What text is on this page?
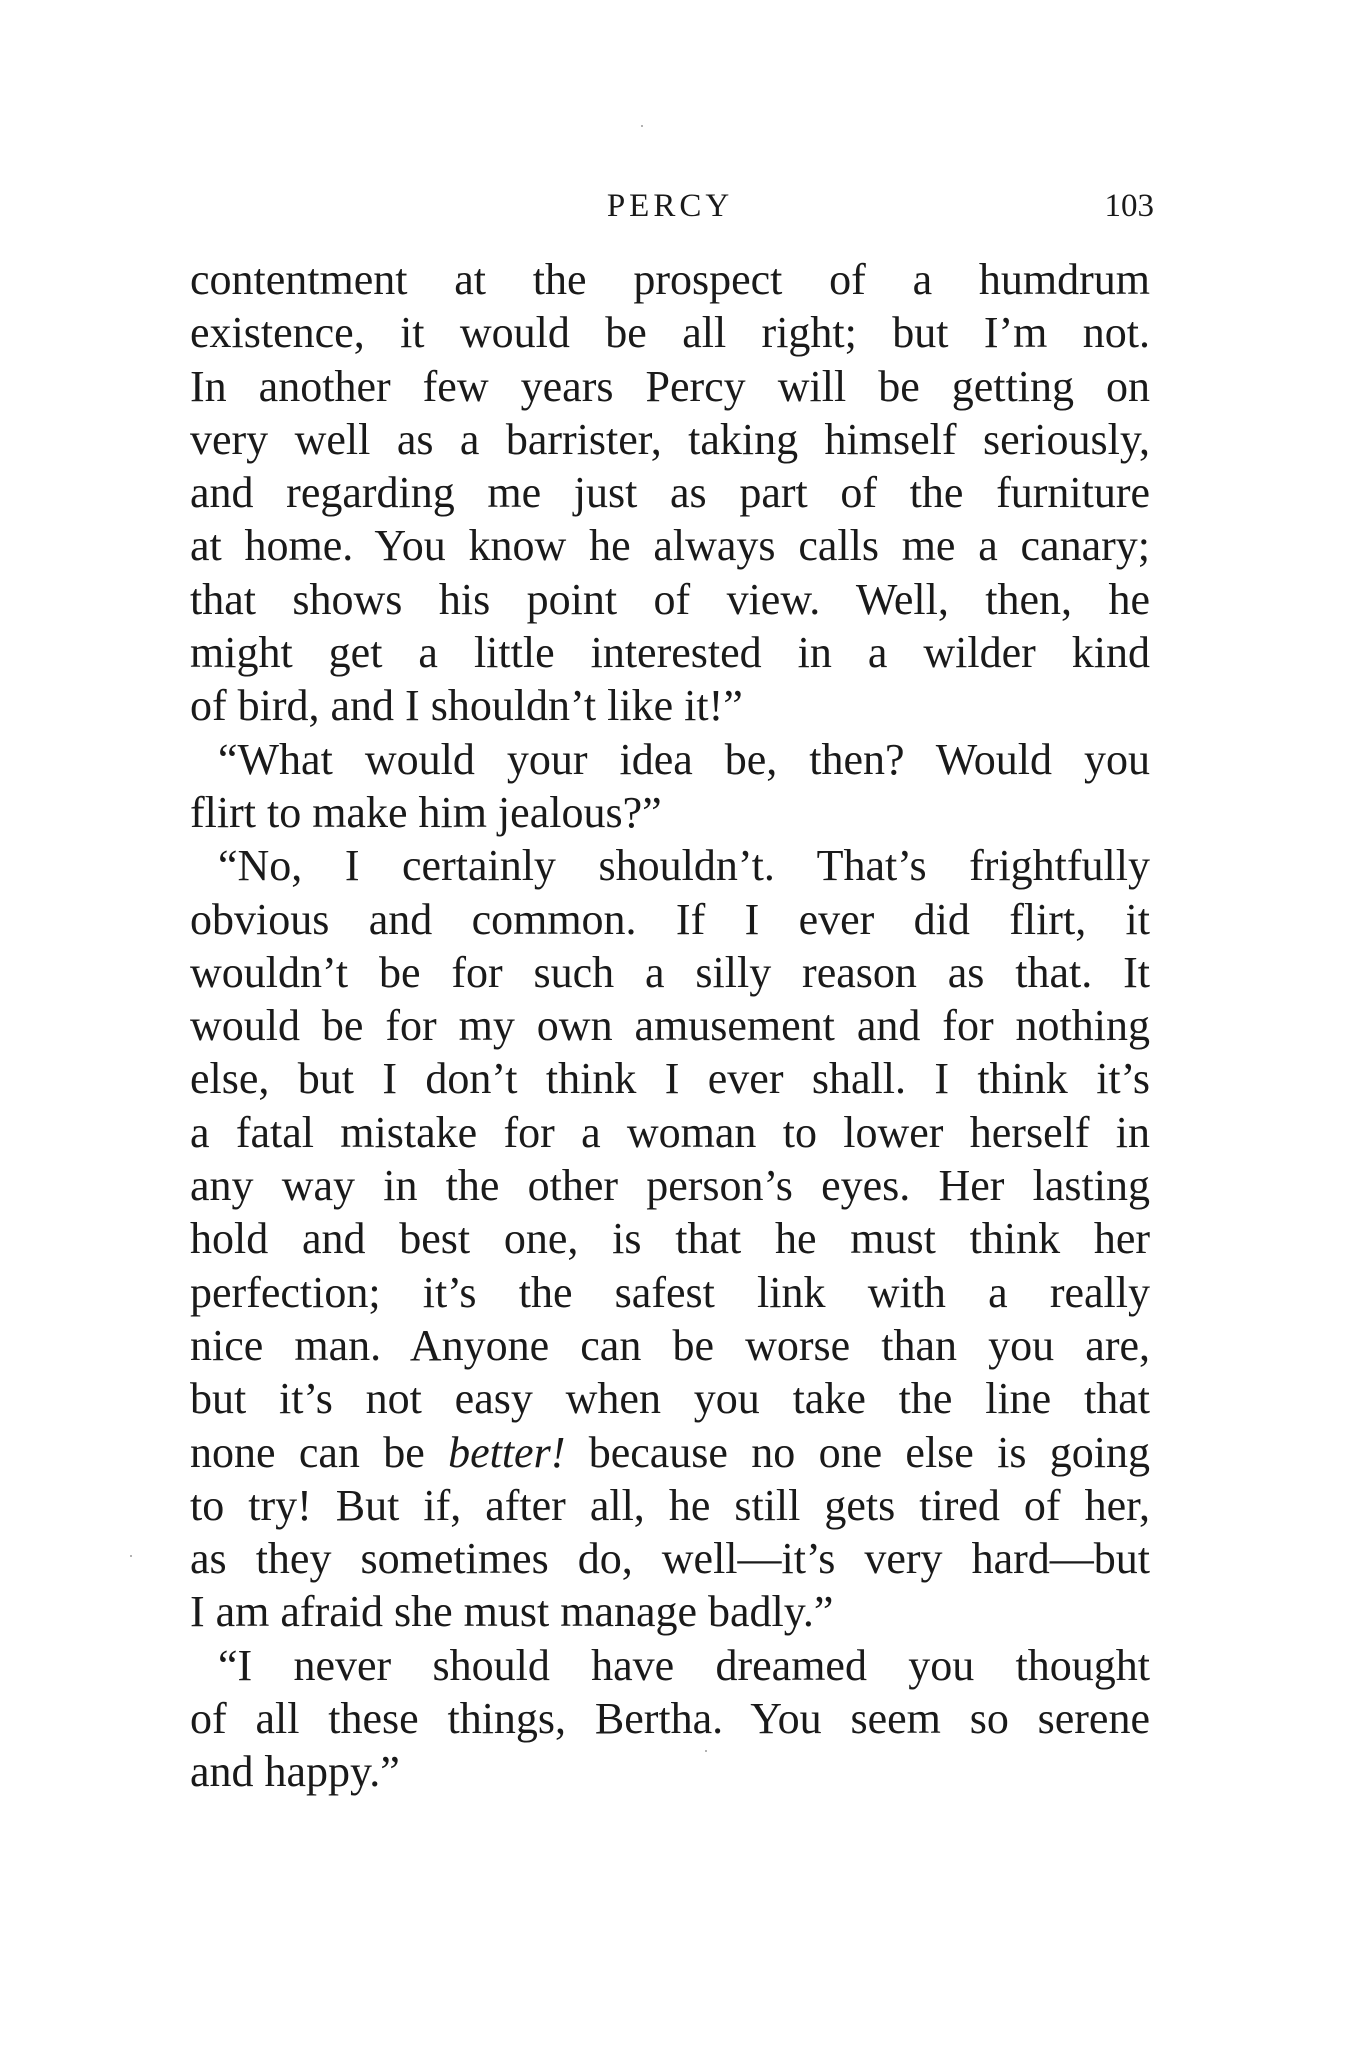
PERCY	103
contentment at the prospect of a humdrum
existence, it would be all right; but I’m not.
In another few years Percy will be getting on
very well as a barrister, taking himself seriously,
and regarding me just as part of the furniture
at home. You know he always calls me a canary;
that shows his point of view. Well, then, he
might get a little interested in a wilder kind
of bird, and I shouldn’t like it!”
“What would your idea be, then? Would you
flirt to make him jealous?”
“No, I certainly shouldn’t. That’s frightfully
obvious and common. If I ever did flirt, it
wouldn’t be for such a silly reason as that. It
would be for my own amusement and for nothing
else, but I don’t think I ever shall. I think it’s
a fatal mistake for a woman to lower herself in
any way in the other person’s eyes. Her lasting
hold and best one, is that he must think her
perfection; it’s the safest link with a really
nice man. Anyone can be worse than you are,
but it’s not easy when you take the line that
none can be better! because no one else is going
to try! But if, after all, he still gets tired of her,
as they sometimes do, well—it’s very hard—but
I am afraid she must manage badly.”
“I never should have dreamed you thought
of all these things, Bertha. You seem so serene
and happy.”
